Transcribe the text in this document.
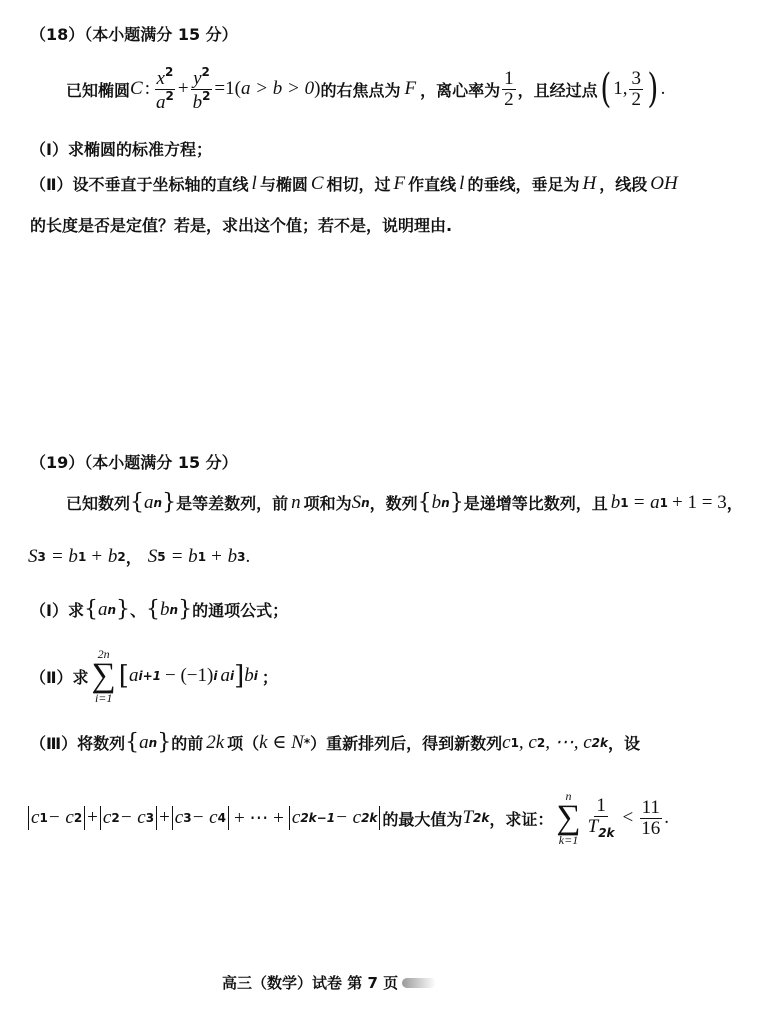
（18）（本小题满分 15 分）
已知椭圆 C : $\frac{x^2}{a^2} + \frac{y^2}{b^2} =1$ ( a > b > 0 ) 的右焦点为 F ，离心率为 $\frac{1}{2}$ ，且经过点 ( 1, $\frac{3}{2}$ ) .
（Ⅰ）求椭圆的标准方程；
（Ⅱ）设不垂直于坐标轴的直线 l 与椭圆 C 相切，过 F 作直线 l 的垂线，垂足为 H ，线段 OH
的长度是否是定值？若是，求出这个值；若不是，说明理由.
（19）（本小题满分 15 分）
已知数列 { a n } 是等差数列，前 n 项和为 S n ，数列 { b n } 是递增等比数列，且 b 1 = a 1 + 1 = 3 ，
S 3 = b 1 + b 2 ， S 5 = b 1 + b 3 .
（Ⅰ）求 { a n } 、 { b n } 的通项公式；
（Ⅱ）求
2n
∑
i=1
[ a i+1 − (−1) i a i ] b i ；
（Ⅲ）将数列 { a n } 的前 2k 项（ k ∈ N * ）重新排列后，得到新数列 c 1 , c 2 , ⋯, c 2k ，设
c 1 − c 2 + c 2 − c 3 + c 3 − c 4 + ⋯ + c 2k−1 − c 2k 的最大值为 T 2k ，求证：
n
∑
k=1
$\frac{1}{T_{2k}} < \frac{11}{16}$ .
高三（数学）试卷 第 7 页
